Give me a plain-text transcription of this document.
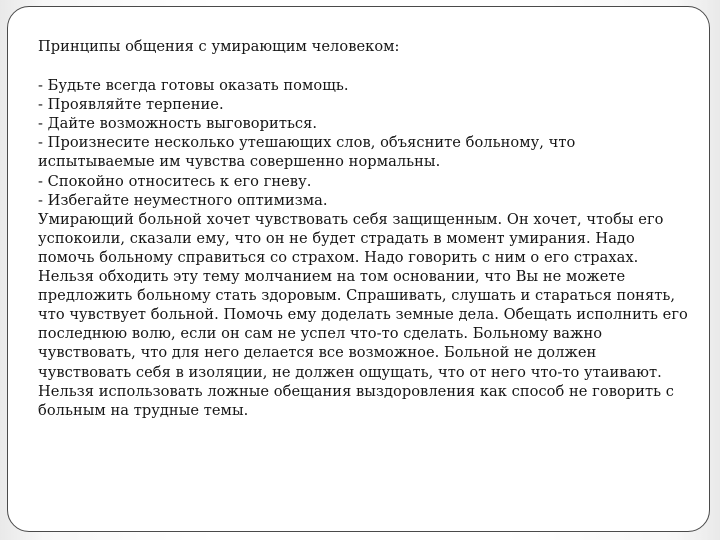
Принципы общения с умирающим человеком:

- Будьте всегда готовы оказать помощь.

- Проявляйте терпение.

- Дайте возможность выговориться.

- Произнесите несколько утешающих слов, объясните больному, что испытываемые им чувства совершенно нормальны.

- Спокойно относитесь к его гневу.

- Избегайте неуместного оптимизма.

Умирающий больной хочет чувствовать себя защищенным. Он хочет, чтобы его успокоили, сказали ему, что он не будет страдать в момент умирания. Надо помочь больному справиться со страхом. Надо говорить с ним о его страхах. Нельзя обходить эту тему молчанием на том основании, что Вы не можете предложить больному стать здоровым. Спрашивать, слушать и стараться понять, что чувствует больной. Помочь ему доделать земные дела. Обещать исполнить его последнюю волю, если он сам не успел что-то сделать. Больному важно чувствовать, что для него делается все возможное. Больной не должен чувствовать себя в изоляции, не должен ощущать, что от него что-то утаивают. Нельзя использовать ложные обещания выздоровления как способ не говорить с больным на трудные темы.
